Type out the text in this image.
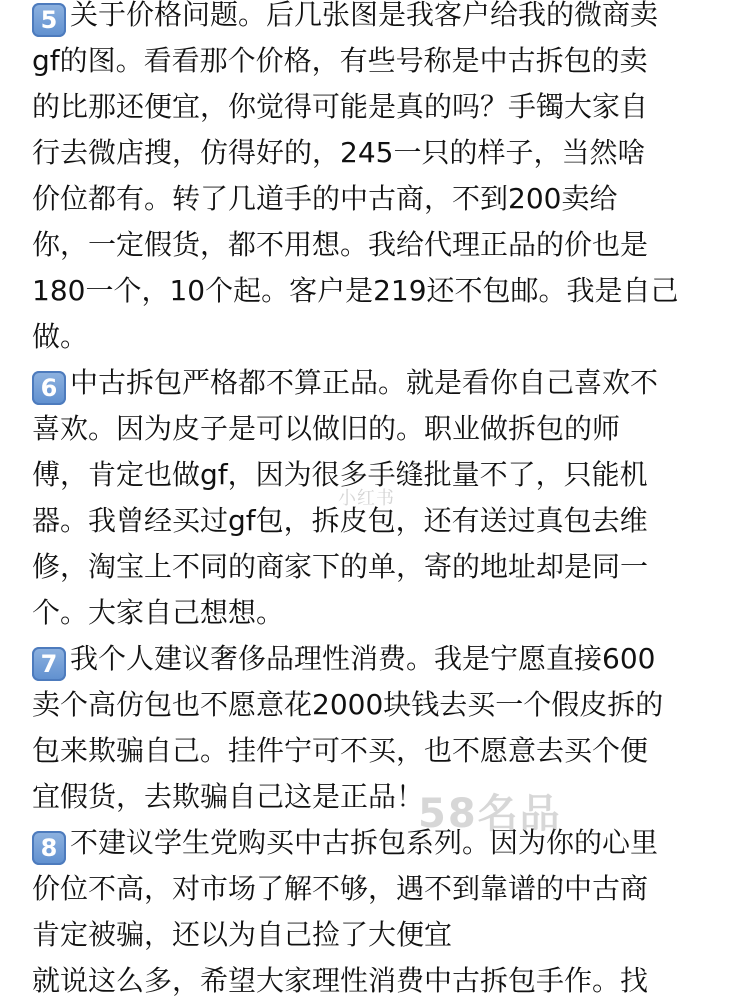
5 关于价格问题。后几张图是我客户给我的微商卖
gf的图。看看那个价格，有些号称是中古拆包的卖
的比那还便宜，你觉得可能是真的吗？手镯大家自
行去微店搜，仿得好的，245一只的样子，当然啥
价位都有。转了几道手的中古商，不到200卖给
你，一定假货，都不用想。我给代理正品的价也是
180一个，10个起。客户是219还不包邮。我是自己
做。
6 中古拆包严格都不算正品。就是看你自己喜欢不
喜欢。因为皮子是可以做旧的。职业做拆包的师
傅，肯定也做gf，因为很多手缝批量不了，只能机
器。我曾经买过gf包，拆皮包，还有送过真包去维
修，淘宝上不同的商家下的单，寄的地址却是同一
个。大家自己想想。
7 我个人建议奢侈品理性消费。我是宁愿直接600
卖个高仿包也不愿意花2000块钱去买一个假皮拆的
包来欺骗自己。挂件宁可不买，也不愿意去买个便
宜假货，去欺骗自己这是正品！
8 不建议学生党购买中古拆包系列。因为你的心里
价位不高，对市场了解不够，遇不到靠谱的中古商
肯定被骗，还以为自己捡了大便宜
就说这么多，希望大家理性消费中古拆包手作。找
小红书
58名品
